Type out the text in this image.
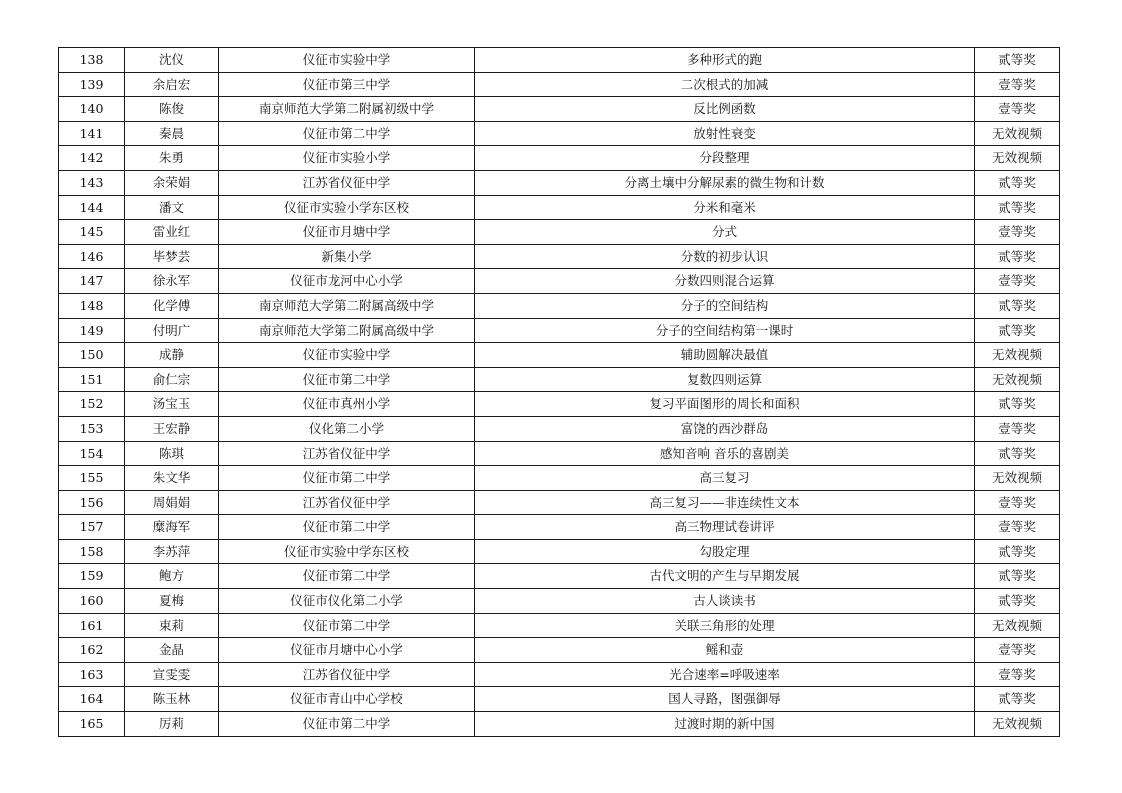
138	沈仪	仪征市实验中学	多种形式的跑	贰等奖
139	余启宏	仪征市第三中学	二次根式的加减	壹等奖
140	陈俊	南京师范大学第二附属初级中学	反比例函数	壹等奖
141	秦晨	仪征市第二中学	放射性衰变	无效视频
142	朱勇	仪征市实验小学	分段整理	无效视频
143	余荣娟	江苏省仪征中学	分离土壤中分解尿素的微生物和计数	贰等奖
144	潘文	仪征市实验小学东区校	分米和毫米	贰等奖
145	雷业红	仪征市月塘中学	分式	壹等奖
146	毕梦芸	新集小学	分数的初步认识	贰等奖
147	徐永军	仪征市龙河中心小学	分数四则混合运算	壹等奖
148	化学傅	南京师范大学第二附属高级中学	分子的空间结构	贰等奖
149	付明广	南京师范大学第二附属高级中学	分子的空间结构第一课时	贰等奖
150	成静	仪征市实验中学	辅助圆解决最值	无效视频
151	俞仁宗	仪征市第二中学	复数四则运算	无效视频
152	汤宝玉	仪征市真州小学	复习平面图形的周长和面积	贰等奖
153	王宏静	仪化第二小学	富饶的西沙群岛	壹等奖
154	陈琪	江苏省仪征中学	感知音响 音乐的喜剧美	贰等奖
155	朱文华	仪征市第二中学	高三复习	无效视频
156	周娟娟	江苏省仪征中学	高三复习——非连续性文本	壹等奖
157	糜海军	仪征市第二中学	高三物理试卷讲评	壹等奖
158	李苏萍	仪征市实验中学东区校	勾股定理	贰等奖
159	鲍方	仪征市第二中学	古代文明的产生与早期发展	贰等奖
160	夏梅	仪征市仪化第二小学	古人谈读书	贰等奖
161	束莉	仪征市第二中学	关联三角形的处理	无效视频
162	金晶	仪征市月塘中心小学	鳐和壶	壹等奖
163	宣雯雯	江苏省仪征中学	光合速率=呼吸速率	壹等奖
164	陈玉林	仪征市青山中心学校	国人寻路，图强御辱	贰等奖
165	厉莉	仪征市第二中学	过渡时期的新中国	无效视频
